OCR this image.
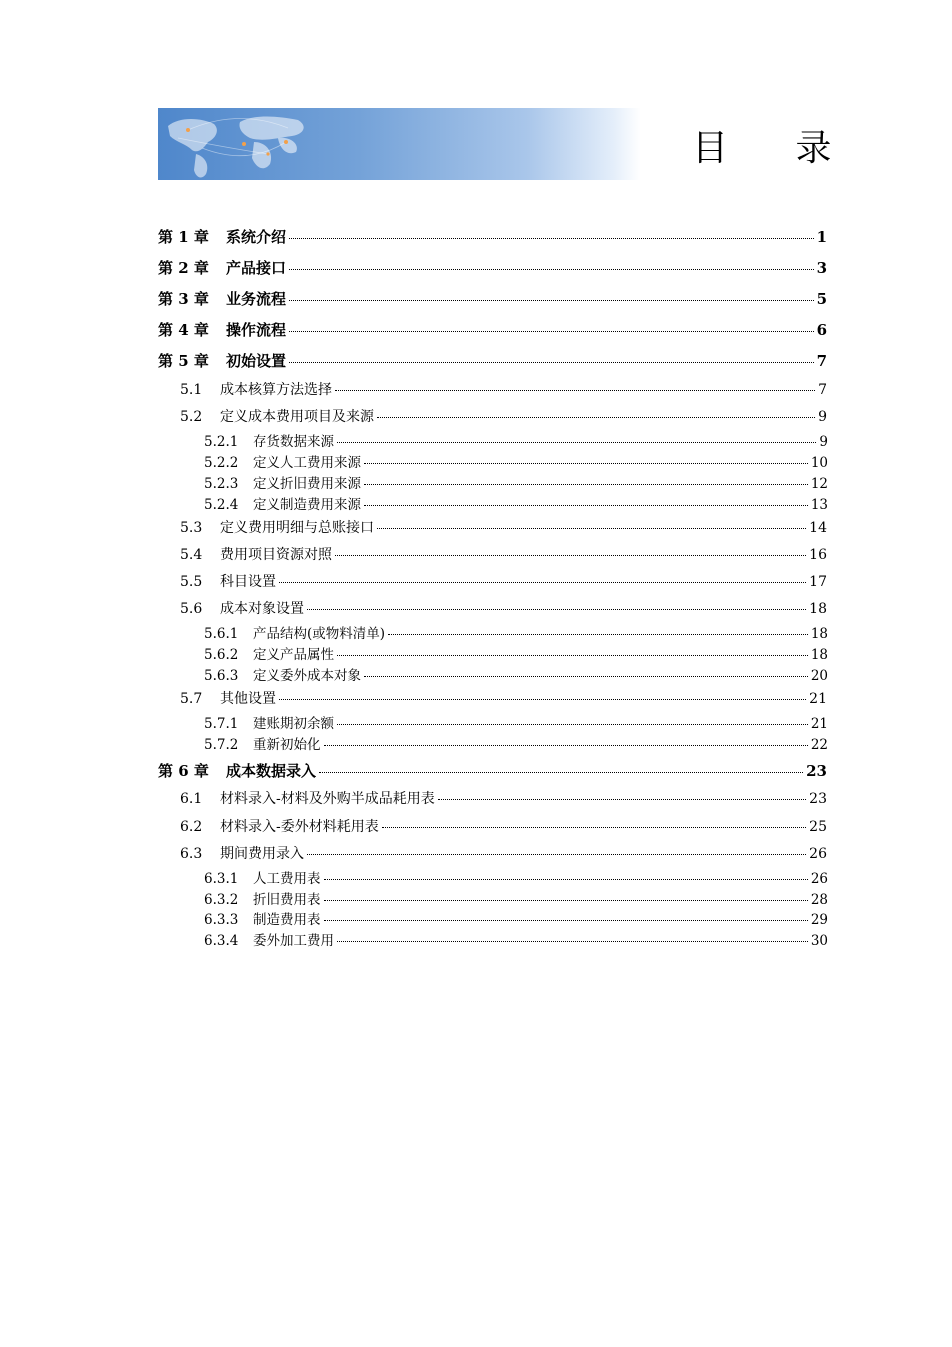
目 录
第 1 章	系统介绍	1
第 2 章	产品接口	3
第 3 章	业务流程	5
第 4 章	操作流程	6
第 5 章	初始设置	7
5.1	成本核算方法选择	7
5.2	定义成本费用项目及来源	9
5.2.1	存货数据来源	9
5.2.2	定义人工费用来源	10
5.2.3	定义折旧费用来源	12
5.2.4	定义制造费用来源	13
5.3	定义费用明细与总账接口	14
5.4	费用项目资源对照	16
5.5	科目设置	17
5.6	成本对象设置	18
5.6.1	产品结构(或物料清单)	18
5.6.2	定义产品属性	18
5.6.3	定义委外成本对象	20
5.7	其他设置	21
5.7.1	建账期初余额	21
5.7.2	重新初始化	22
第 6 章	成本数据录入	23
6.1	材料录入-材料及外购半成品耗用表	23
6.2	材料录入-委外材料耗用表	25
6.3	期间费用录入	26
6.3.1	人工费用表	26
6.3.2	折旧费用表	28
6.3.3	制造费用表	29
6.3.4	委外加工费用	30
